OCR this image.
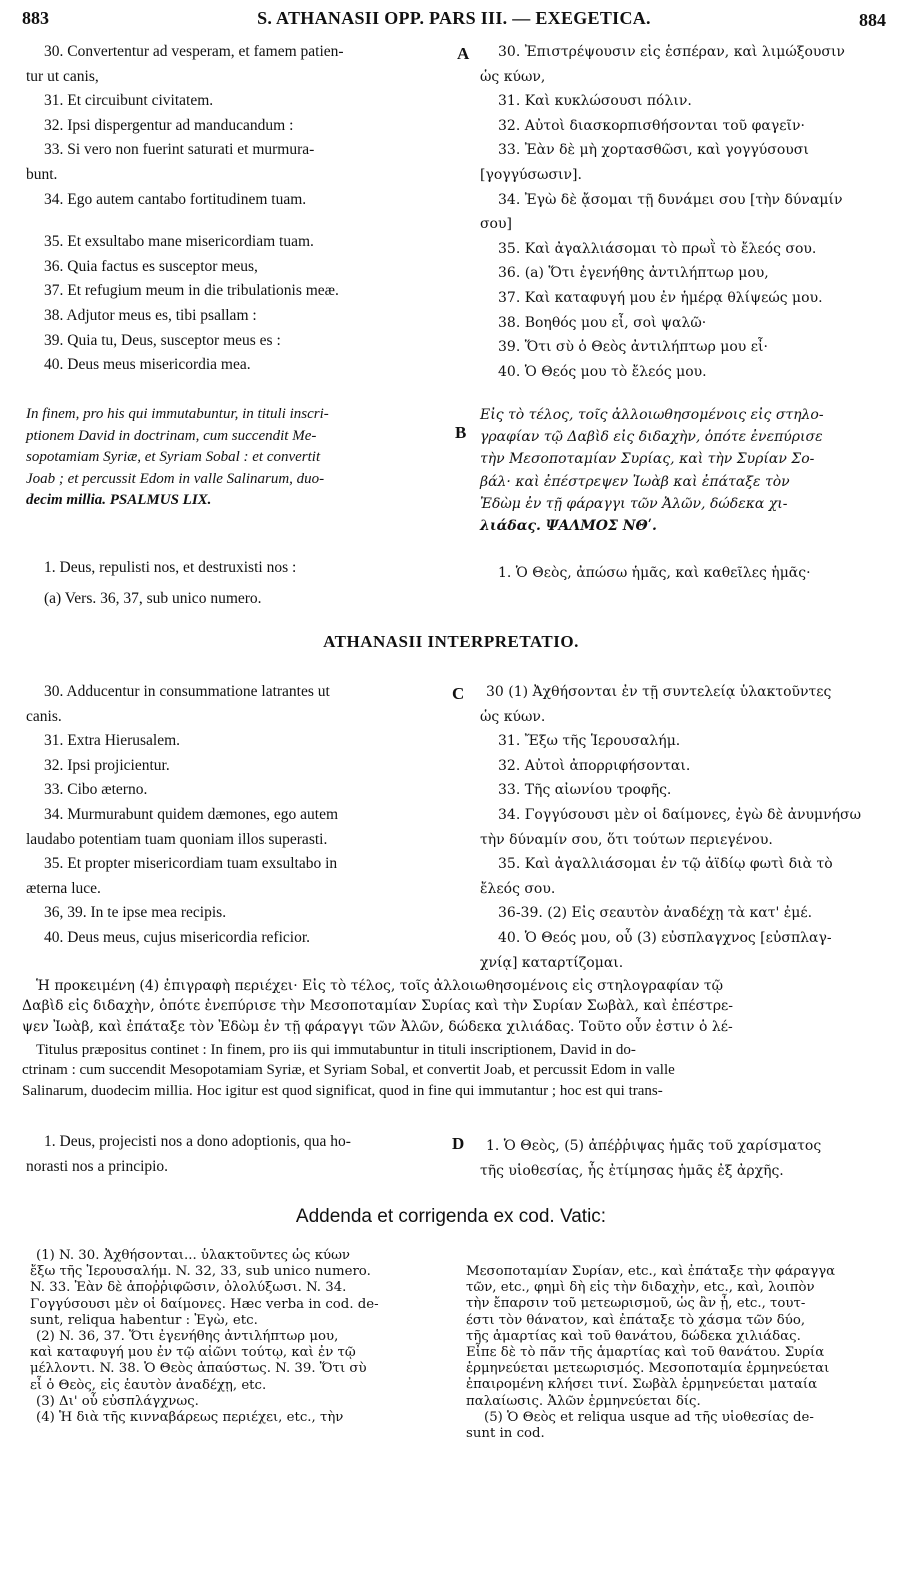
883	S. ATHANASII OPP. PARS III. — EXEGETICA.	884
30. Convertentur ad vesperam, et famem patien-
tur ut canis,
31. Et circuibunt civitatem.
32. Ipsi dispergentur ad manducandum :
33. Si vero non fuerint saturati et murmura-
bunt.
34. Ego autem cantabo fortitudinem tuam.
35. Et exsultabo mane misericordiam tuam.
36. Quia factus es susceptor meus,
37. Et refugium meum in die tribulationis meæ.
38. Adjutor meus es, tibi psallam :
39. Quia tu, Deus, susceptor meus es :
40. Deus meus misericordia mea.
A	30. Ἐπιστρέψουσιν εἰς ἑσπέραν, καὶ λιμώξουσιν
ὡς κύων,
31. Καὶ κυκλώσουσι πόλιν.
32. Αὐτοὶ διασκορπισθήσονται τοῦ φαγεῖν·
33. Ἐὰν δὲ μὴ χορτασθῶσι, καὶ γογγύσουσι
[γογγύσωσιν].
34. Ἐγὼ δὲ ᾄσομαι τῇ δυνάμει σου [τὴν δύναμίν
σου]
35. Καὶ ἀγαλλιάσομαι τὸ πρωῒ τὸ ἔλεός σου.
36. (a) Ὅτι ἐγενήθης ἀντιλήπτωρ μου,
37. Καὶ καταφυγή μου ἐν ἡμέρᾳ θλίψεώς μου.
38. Βοηθός μου εἶ, σοὶ ψαλῶ·
39. Ὅτι σὺ ὁ Θεὸς ἀντιλήπτωρ μου εἶ·
40. Ὁ Θεός μου τὸ ἔλεός μου.
In finem, pro his qui immutabuntur, in tituli inscri-
ptionem David in doctrinam, cum succendit Me-
sopotamiam Syriæ, et Syriam Sobal : et convertit
Joab ; et percussit Edom in valle Salinarum, duo-
decim millia. PSALMUS LIX.
B
Εἰς τὸ τέλος, τοῖς ἀλλοιωθησομένοις εἰς στηλο-
γραφίαν τῷ Δαβὶδ εἰς διδαχὴν, ὁπότε ἐνεπύρισε
τὴν Μεσοποταμίαν Συρίας, καὶ τὴν Συρίαν Σο-
βάλ· καὶ ἐπέστρεψεν Ἰωὰβ καὶ ἐπάταξε τὸν
Ἐδὼμ ἐν τῇ φάραγγι τῶν Ἀλῶν, δώδεκα χι-
λιάδας. ΨΑΛΜΟΣ ΝΘʹ.
1. Deus, repulisti nos, et destruxisti nos :
(a) Vers. 36, 37, sub unico numero.
1. Ὁ Θεὸς, ἀπώσω ἡμᾶς, καὶ καθεῖλες ἡμᾶς·
ATHANASII INTERPRETATIO.
30. Adducentur in consummatione latrantes ut
canis.
31. Extra Hierusalem.
32. Ipsi projicientur.
33. Cibo æterno.
34. Murmurabunt quidem dæmones, ego autem
laudabo potentiam tuam quoniam illos superasti.
35. Et propter misericordiam tuam exsultabo in
æterna luce.
36, 39. In te ipse mea recipis.
40. Deus meus, cujus misericordia reficior.
C	30 (1) Ἀχθήσονται ἐν τῇ συντελείᾳ ὑλακτοῦντες
ὡς κύων.
31. Ἔξω τῆς Ἱερουσαλήμ.
32. Αὐτοὶ ἀπορριφήσονται.
33. Τῆς αἰωνίου τροφῆς.
34. Γογγύσουσι μὲν οἱ δαίμονες, ἐγὼ δὲ ἀνυμνήσω
τὴν δύναμίν σου, ὅτι τούτων περιεγένου.
35. Καὶ ἀγαλλιάσομαι ἐν τῷ ἀϊδίῳ φωτὶ διὰ τὸ
ἔλεός σου.
36-39. (2) Εἰς σεαυτὸν ἀναδέχῃ τὰ κατ' ἐμέ.
40. Ὁ Θεός μου, οὗ (3) εὐσπλαγχνος [εὐσπλαγ-
χνίᾳ] καταρτίζομαι.
Ἡ προκειμένη (4) ἐπιγραφὴ περιέχει· Εἰς τὸ τέλος, τοῖς ἀλλοιωθησομένοις εἰς στηλογραφίαν τῷ
Δαβὶδ εἰς διδαχὴν, ὁπότε ἐνεπύρισε τὴν Μεσοποταμίαν Συρίας καὶ τὴν Συρίαν Σωβὰλ, καὶ ἐπέστρε-
ψεν Ἰωὰβ, καὶ ἐπάταξε τὸν Ἐδὼμ ἐν τῇ φάραγγι τῶν Ἀλῶν, δώδεκα χιλιάδας. Τοῦτο οὖν ἐστιν ὁ λέ-
Titulus præpositus continet : In finem, pro iis qui immutabuntur in tituli inscriptionem, David in do-
ctrinam : cum succendit Mesopotamiam Syriæ, et Syriam Sobal, et convertit Joab, et percussit Edom in valle
Salinarum, duodecim millia. Hoc igitur est quod significat, quod in fine qui immutantur ; hoc est qui trans-
1. Deus, projecisti nos a dono adoptionis, qua ho-
norasti nos a principio.
D	1. Ὁ Θεὸς, (5) ἀπέῤῥιψας ἡμᾶς τοῦ χαρίσματος
τῆς υἱοθεσίας, ἧς ἐτίμησας ἡμᾶς ἐξ ἀρχῆς.
Addenda et corrigenda ex cod. Vatic:
(1) N. 30. Ἀχθήσονται... ὑλακτοῦντες ὡς κύων
ἔξω τῆς Ἱερουσαλήμ. N. 32, 33, sub unico numero.
N. 33. Ἐὰν δὲ ἀποῤῥιφῶσιν, ὀλολύξωσι. N. 34.
Γογγύσουσι μὲν οἱ δαίμονες. Hæc verba in cod. de-
sunt, reliqua habentur : Ἐγὼ, etc.
(2) N. 36, 37. Ὅτι ἐγενήθης ἀντιλήπτωρ μου,
καὶ καταφυγή μου ἐν τῷ αἰῶνι τούτῳ, καὶ ἐν τῷ
μέλλοντι. N. 38. Ὁ Θεὸς ἀπαύστως. N. 39. Ὅτι σὺ
εἶ ὁ Θεὸς, εἰς ἑαυτὸν ἀναδέχῃ, etc.
(3) Δι' οὗ εὐσπλάγχνως.
(4) Ἡ διὰ τῆς κινναβάρεως περιέχει, etc., τὴν
Μεσοποταμίαν Συρίαν, etc., καὶ ἐπάταξε τὴν φάραγγα
τῶν, etc., φημὶ δὴ εἰς τὴν διδαχὴν, etc., καὶ, λοιπὸν
τὴν ἔπαρσιν τοῦ μετεωρισμοῦ, ὡς ἂν ᾖ, etc., τουτ-
έστι τὸν θάνατον, καὶ ἐπάταξε τὸ χάσμα τῶν δύο,
τῆς ἁμαρτίας καὶ τοῦ θανάτου, δώδεκα χιλιάδας.
Εἶπε δὲ τὸ πᾶν τῆς ἁμαρτίας καὶ τοῦ θανάτου. Συρία
ἑρμηνεύεται μετεωρισμός. Μεσοποταμία ἑρμηνεύεται
ἐπαιρομένη κλήσει τινί. Σωβὰλ ἑρμηνεύεται ματαία
παλαίωσις. Ἀλῶν ἑρμηνεύεται δίς.
(5) Ὁ Θεὸς et reliqua usque ad τῆς υἱοθεσίας de-
sunt in cod.
